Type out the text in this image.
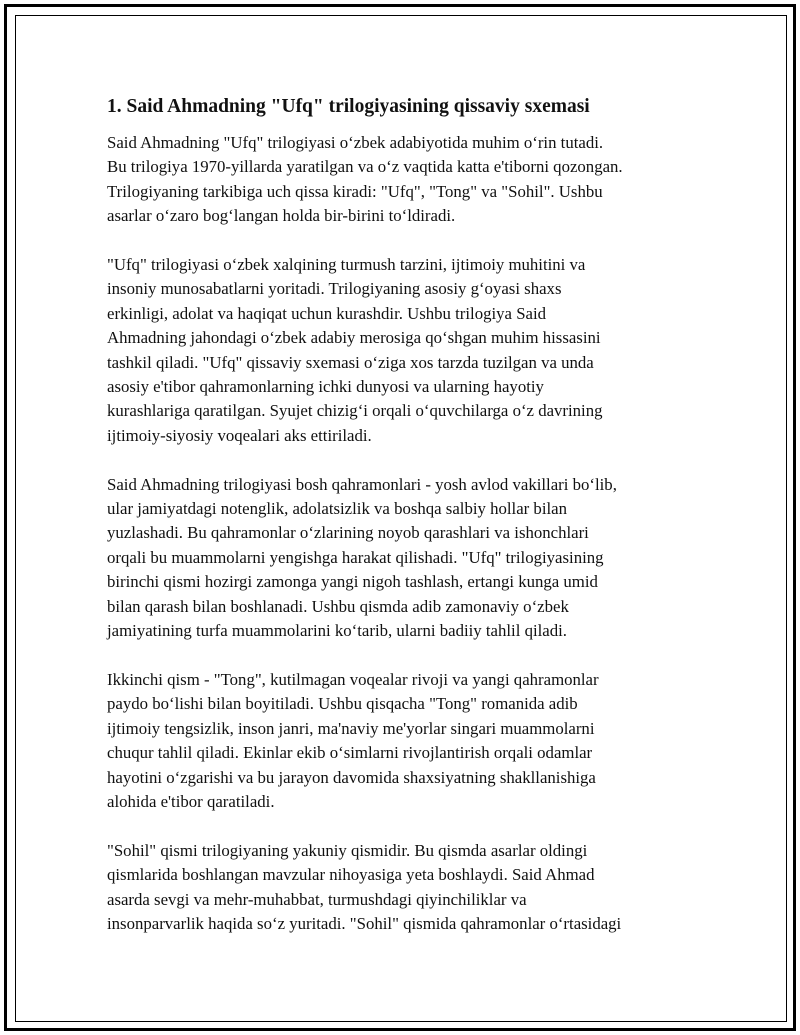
1. Said Ahmadning "Ufq" trilogiyasining qissaviy sxemasi

Said Ahmadning "Ufq" trilogiyasi o‘zbek adabiyotida muhim o‘rin tutadi.
Bu trilogiya 1970-yillarda yaratilgan va o‘z vaqtida katta e'tiborni qozongan.
Trilogiyaning tarkibiga uch qissa kiradi: "Ufq", "Tong" va "Sohil". Ushbu
asarlar o‘zaro bog‘langan holda bir-birini to‘ldiradi.

"Ufq" trilogiyasi o‘zbek xalqining turmush tarzini, ijtimoiy muhitini va
insoniy munosabatlarni yoritadi. Trilogiyaning asosiy g‘oyasi shaxs
erkinligi, adolat va haqiqat uchun kurashdir. Ushbu trilogiya Said
Ahmadning jahondagi o‘zbek adabiy merosiga qo‘shgan muhim hissasini
tashkil qiladi. "Ufq" qissaviy sxemasi o‘ziga xos tarzda tuzilgan va unda
asosiy e'tibor qahramonlarning ichki dunyosi va ularning hayotiy
kurashlariga qaratilgan. Syujet chizig‘i orqali o‘quvchilarga o‘z davrining
ijtimoiy-siyosiy voqealari aks ettiriladi.

Said Ahmadning trilogiyasi bosh qahramonlari - yosh avlod vakillari bo‘lib,
ular jamiyatdagi notenglik, adolatsizlik va boshqa salbiy hollar bilan
yuzlashadi. Bu qahramonlar o‘zlarining noyob qarashlari va ishonchlari
orqali bu muammolarni yengishga harakat qilishadi. "Ufq" trilogiyasining
birinchi qismi hozirgi zamonga yangi nigoh tashlash, ertangi kunga umid
bilan qarash bilan boshlanadi. Ushbu qismda adib zamonaviy o‘zbek
jamiyatining turfa muammolarini ko‘tarib, ularni badiiy tahlil qiladi.

Ikkinchi qism - "Tong", kutilmagan voqealar rivoji va yangi qahramonlar
paydo bo‘lishi bilan boyitiladi. Ushbu qisqacha "Tong" romanida adib
ijtimoiy tengsizlik, inson janri, ma'naviy me'yorlar singari muammolarni
chuqur tahlil qiladi. Ekinlar ekib o‘simlarni rivojlantirish orqali odamlar
hayotini o‘zgarishi va bu jarayon davomida shaxsiyatning shakllanishiga
alohida e'tibor qaratiladi.

"Sohil" qismi trilogiyaning yakuniy qismidir. Bu qismda asarlar oldingi
qismlarida boshlangan mavzular nihoyasiga yeta boshlaydi. Said Ahmad
asarda sevgi va mehr-muhabbat, turmushdagi qiyinchiliklar va
insonparvarlik haqida so‘z yuritadi. "Sohil" qismida qahramonlar o‘rtasidagi
